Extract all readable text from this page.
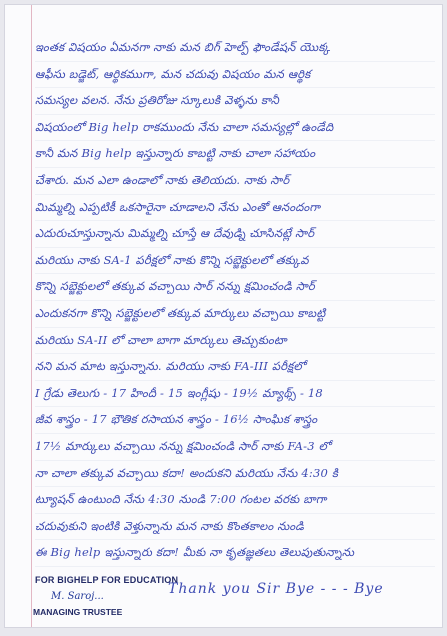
ఇంతక విషయం ఏమనగా నాకు మన బిగ్ హెల్ప్ ఫౌండేషన్ యొక్క
ఆఫీసు బడ్జెట్, ఆర్థికముగా, మన చదువు విషయం మన ఆర్థిక
సమస్యల వలన. నేను ప్రతిరోజు స్కూలుకి వెళ్ళను కానీ
విషయంలో Big help రాకముందు నేను చాలా సమస్యల్లో ఉండేది
కానీ మన Big help ఇస్తున్నారు కాబట్టి నాకు చాలా సహాయం
చేశారు. మన ఎలా ఉండాలో నాకు తెలియదు. నాకు సార్
మిమ్మల్ని ఎప్పటికీ ఒకసారైనా చూడాలని నేను ఎంతో ఆనందంగా
ఎదురుచూస్తున్నాను మిమ్మల్ని చూస్తే ఆ దేవుడ్ని చూసినట్లే సార్
మరియు నాకు SA-1 పరీక్షలో నాకు కొన్ని సబ్జెక్టులలో తక్కువ
కొన్ని సబ్జెక్టులలో తక్కువ వచ్చాయి సార్ నన్ను క్షమించండి సార్
ఎందుకనగా కొన్ని సబ్జెక్టులలో తక్కువ మార్కులు వచ్చాయి కాబట్టి
మరియు SA-II లో చాలా బాగా మార్కులు తెచ్చుకుంటా
నని మన మాట ఇస్తున్నాను. మరియు నాకు FA-III పరీక్షలో
I గ్రేడు తెలుగు - 17 హిందీ - 15 ఇంగ్లీషు - 19½ మ్యాథ్స్ - 18
జీవ శాస్త్రం - 17 భౌతిక రసాయన శాస్త్రం - 16½ సాంఘిక శాస్త్రం
17½ మార్కులు వచ్చాయి నన్ను క్షమించండి సార్ నాకు FA-3 లో
నా చాలా తక్కువ వచ్చాయి కదా! అందుకని మరియు నేను 4:30 కి
ట్యూషన్ ఉంటుంది నేను 4:30 నుండి 7:00 గంటల వరకు బాగా
చదువుకుని ఇంటికి వెళ్తున్నాను మన నాకు కొంతకాలం నుండి
ఈ Big help ఇస్తున్నారు కదా! మీకు నా కృతజ్ఞతలు తెలుపుతున్నాను
FOR BIGHELP FOR EDUCATION
M. Saroj...
MANAGING TRUSTEE
Thank you Sir Bye - - - Bye
